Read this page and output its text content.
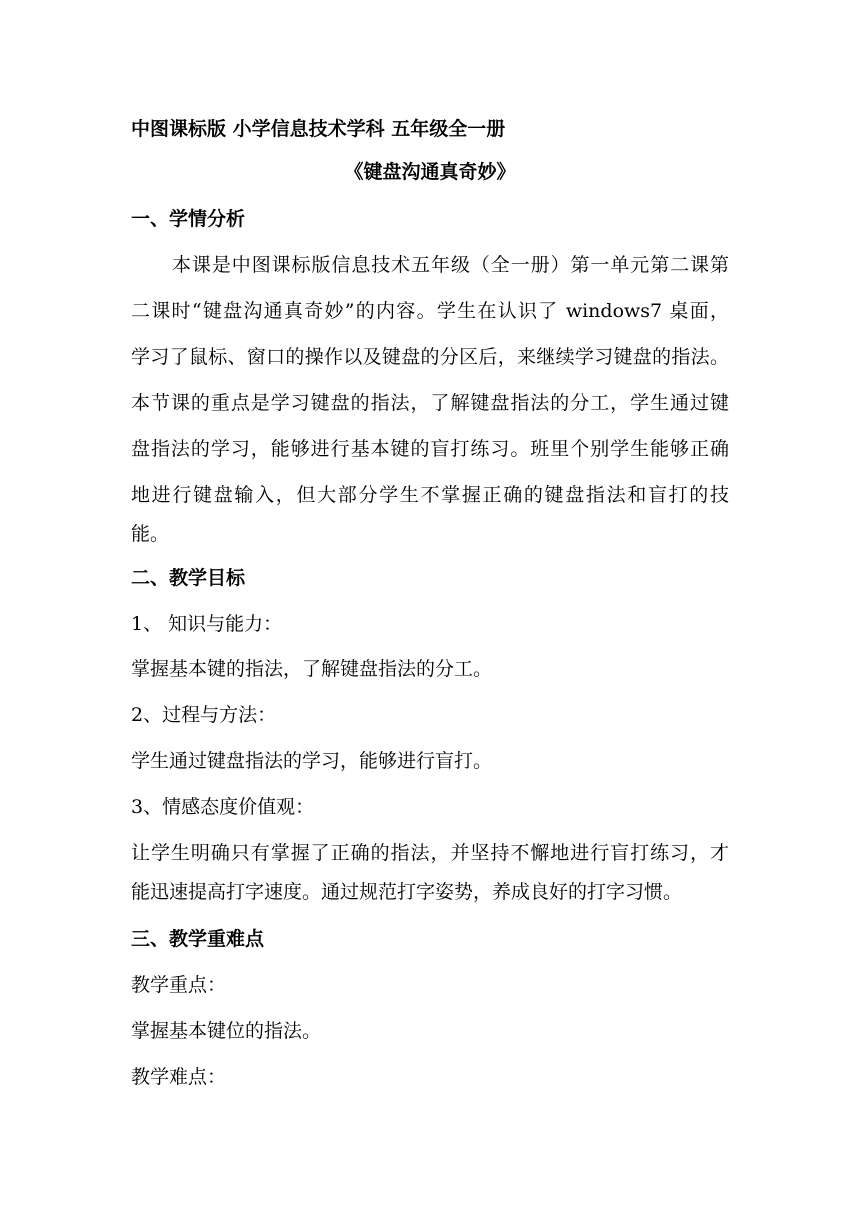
中图课标版 小学信息技术学科 五年级全一册

《键盘沟通真奇妙》

一、学情分析

本课是中图课标版信息技术五年级（全一册）第一单元第二课第

二课时“键盘沟通真奇妙”的内容。学生在认识了 windows7 桌面，

学习了鼠标、窗口的操作以及键盘的分区后，来继续学习键盘的指法。

本节课的重点是学习键盘的指法，了解键盘指法的分工，学生通过键

盘指法的学习，能够进行基本键的盲打练习。班里个别学生能够正确

地进行键盘输入，但大部分学生不掌握正确的键盘指法和盲打的技

能。

二、教学目标

1、 知识与能力：

掌握基本键的指法，了解键盘指法的分工。

2、过程与方法：

学生通过键盘指法的学习，能够进行盲打。

3、情感态度价值观：

让学生明确只有掌握了正确的指法，并坚持不懈地进行盲打练习，才

能迅速提高打字速度。通过规范打字姿势，养成良好的打字习惯。

三、教学重难点

教学重点：

掌握基本键位的指法。

教学难点：
